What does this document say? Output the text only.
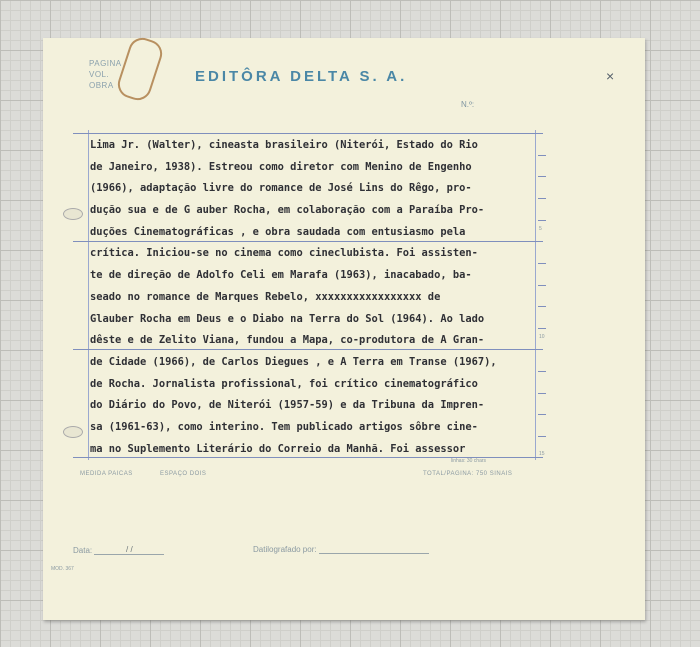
PAGINA
VOL.
OBRA
EDITÔRA DELTA S. A.
N.º:
×
5
10
15
Lima Jr. (Walter), cineasta brasileiro (Niterói, Estado do Rio
de Janeiro, 1938). Estreou como diretor com Menino de Engenho
(1966), adaptação livre do romance de José Lins do Rêgo, pro-
dução sua e de G auber Rocha, em colaboração com a Paraíba Pro-
duções Cinematográficas , e obra saudada com entusiasmo pela
crítica. Iniciou-se no cinema como cineclubista. Foi assisten-
te de direção de Adolfo Celi em Marafa (1963), inacabado, ba-
seado no romance de Marques Rebelo, xxxxxxxxxxxxxxxxx de
Glauber Rocha em Deus e o Diabo na Terra do Sol (1964). Ao lado
dêste e de Zelito Viana, fundou a Mapa, co-produtora de A Gran-
de Cidade (1966), de Carlos Diegues , e A Terra em Transe (1967),
de Rocha. Jornalista profissional, foi crítico cinematográfico
do Diário do Povo, de Niterói (1957-59) e da Tribuna da Impren-
sa (1961-63), como interino. Tem publicado artigos sôbre cine-
ma no Suplemento Literário do Correio da Manhã. Foi assessor
linhas: 30 chars
MEDIDA PAICAS	ESPAÇO DOIS	TOTAL/PAGINA: 750 SINAIS
Data:	/ /	Datilografado por:
MOD. 367
